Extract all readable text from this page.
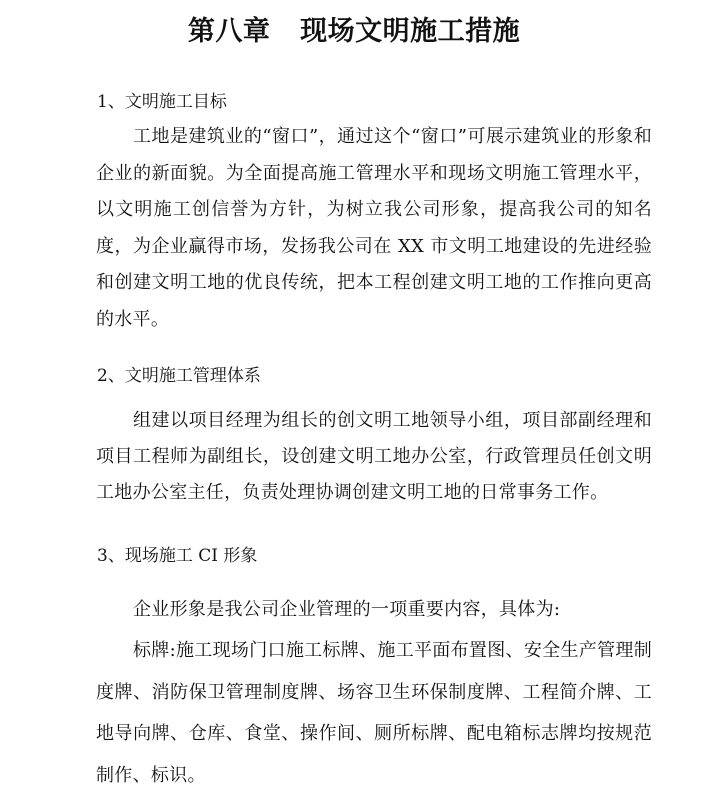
第八章   现场文明施工措施
1、文明施工目标
工地是建筑业的“窗口”，通过这个“窗口”可展示建筑业的形象和企业的新面貌。为全面提高施工管理水平和现场文明施工管理水平，以文明施工创信誉为方针，为树立我公司形象，提高我公司的知名度，为企业赢得市场，发扬我公司在 XX 市文明工地建设的先进经验和创建文明工地的优良传统，把本工程创建文明工地的工作推向更高的水平。
2、文明施工管理体系
组建以项目经理为组长的创文明工地领导小组，项目部副经理和项目工程师为副组长，设创建文明工地办公室，行政管理员任创文明工地办公室主任，负责处理协调创建文明工地的日常事务工作。
3、现场施工 CI 形象
企业形象是我公司企业管理的一项重要内容，具体为:
标牌:施工现场门口施工标牌、施工平面布置图、安全生产管理制度牌、消防保卫管理制度牌、场容卫生环保制度牌、工程简介牌、工地导向牌、仓库、食堂、操作间、厕所标牌、配电箱标志牌均按规范制作、标识。
